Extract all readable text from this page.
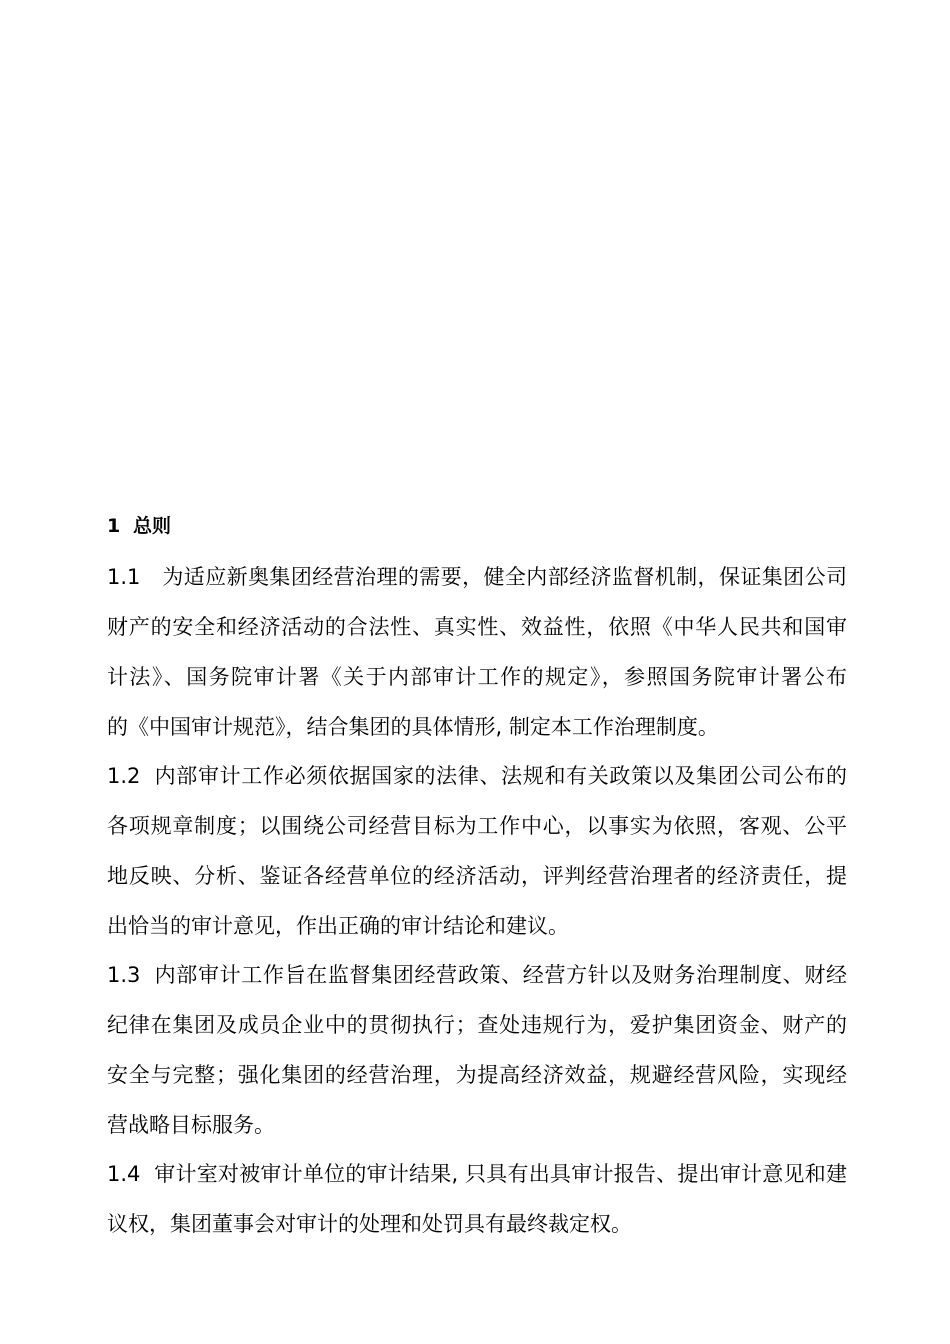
1 总则
1.1 为适应新奥集团经营治理的需要，健全内部经济监督机制，保证集团公司
财产的安全和经济活动的合法性、真实性、效益性，依照《中华人民共和国审
计法》、国务院审计署《关于内部审计工作的规定》，参照国务院审计署公布
的《中国审计规范》，结合集团的具体情形, 制定本工作治理制度。
1.2 内部审计工作必须依据国家的法律、法规和有关政策以及集团公司公布的
各项规章制度；以围绕公司经营目标为工作中心，以事实为依照，客观、公平
地反映、分析、鉴证各经营单位的经济活动，评判经营治理者的经济责任，提
出恰当的审计意见，作出正确的审计结论和建议。
1.3 内部审计工作旨在监督集团经营政策、经营方针以及财务治理制度、财经
纪律在集团及成员企业中的贯彻执行；查处违规行为，爱护集团资金、财产的
安全与完整；强化集团的经营治理，为提高经济效益，规避经营风险，实现经
营战略目标服务。
1.4 审计室对被审计单位的审计结果, 只具有出具审计报告、提出审计意见和建
议权，集团董事会对审计的处理和处罚具有最终裁定权。
